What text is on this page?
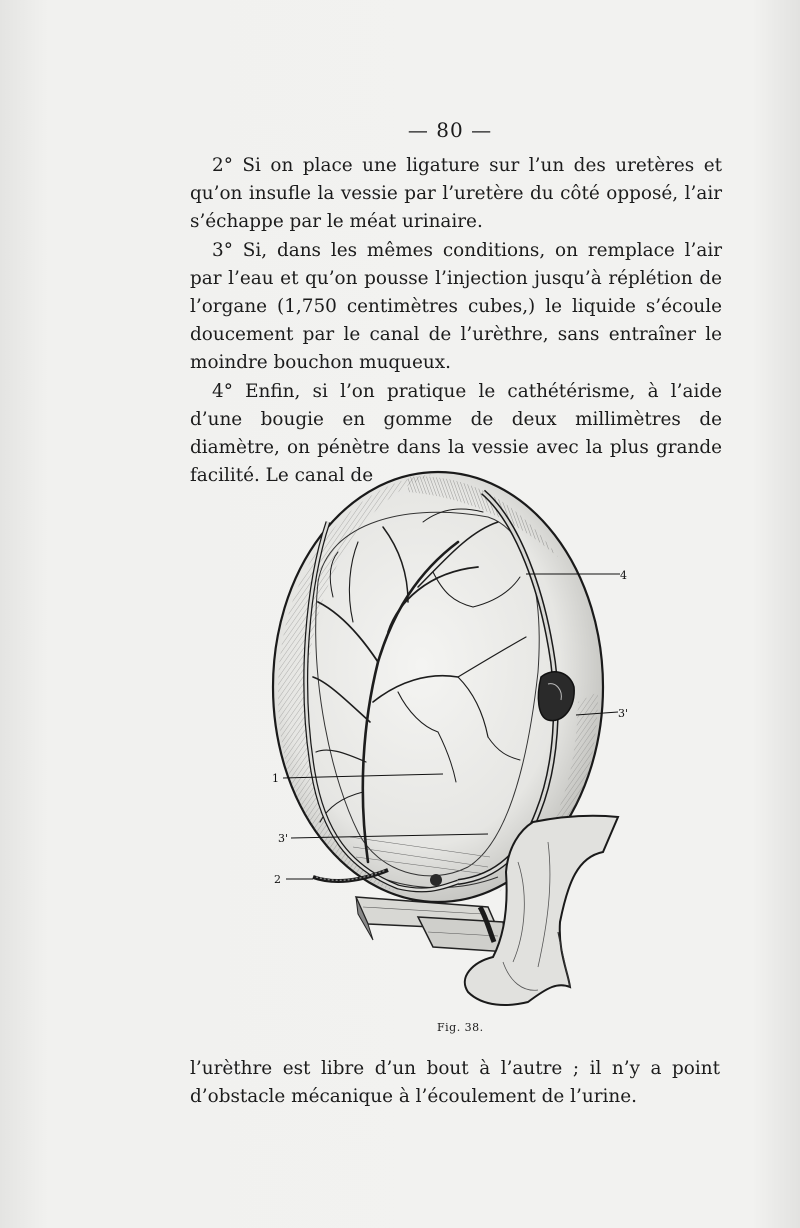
— 80 —

2° Si on place une ligature sur l’un des uretères et qu’on insufle la vessie par l’uretère du côté opposé, l’air s’échappe par le méat urinaire.

3° Si, dans les mêmes conditions, on remplace l’air par l’eau et qu’on pousse l’injection jusqu’à réplétion de l’organe (1,750 centimètres cubes,) le liquide s’écoule doucement par le canal de l’urèthre, sans entraîner le moindre bouchon muqueux.

4° Enfin, si l’on pratique le cathétérisme, à l’aide d’une bougie en gomme de deux millimètres de diamètre, on pénètre dans la vessie avec la plus grande facilité. Le canal de

1
3'
2
4
3'
Fig. 38.

l’urèthre est libre d’un bout à l’autre ; il n’y a point d’obstacle mécanique à l’écoulement de l’urine.
